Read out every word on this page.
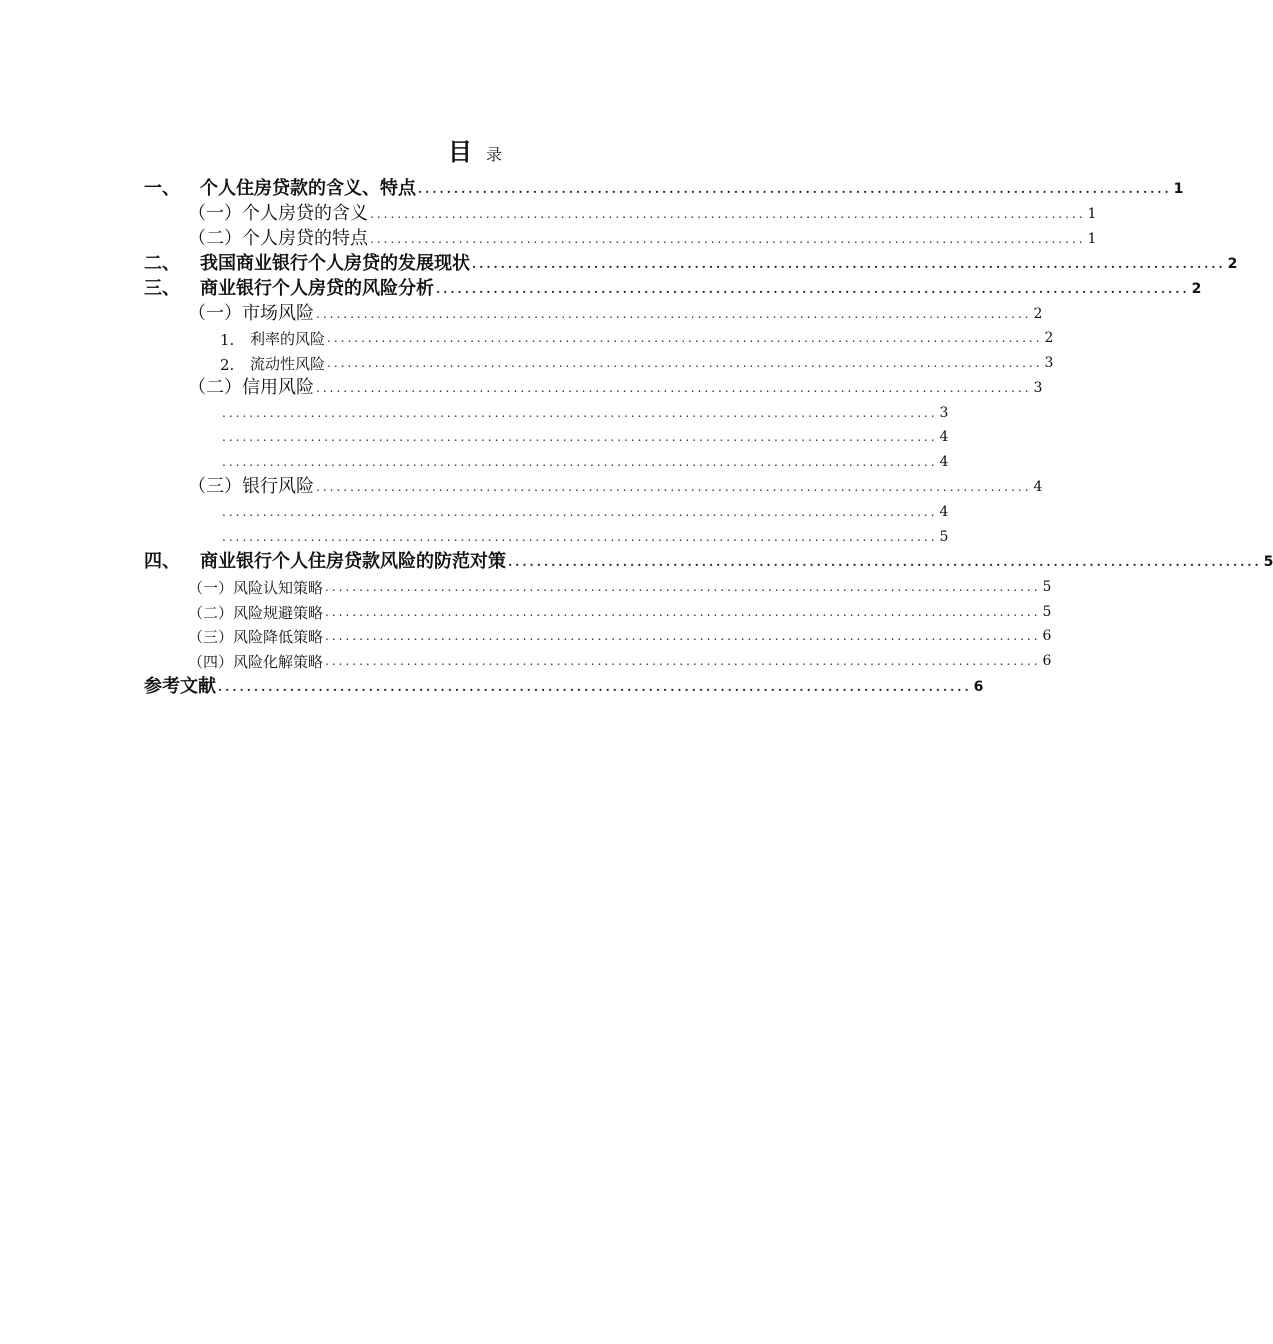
目录
一、	个人住房贷款的含义、特点 ......................................................................................................... 1
（一）个人房贷的含义 ......................................................................................................... 1
（二）个人房贷的特点 ......................................................................................................... 1
二、	我国商业银行个人房贷的发展现状 ......................................................................................................... 2
三、	商业银行个人房贷的风险分析 ......................................................................................................... 2
（一）市场风险 ......................................................................................................... 2
1.	利率的风险 ......................................................................................................... 2
2.	流动性风险 ......................................................................................................... 3
（二）信用风险 ......................................................................................................... 3
......................................................................................................... 3
......................................................................................................... 4
......................................................................................................... 4
（三）银行风险 ......................................................................................................... 4
......................................................................................................... 4
......................................................................................................... 5
四、	商业银行个人住房贷款风险的防范对策 ......................................................................................................... 5
（一）风险认知策略 ......................................................................................................... 5
（二）风险规避策略 ......................................................................................................... 5
（三）风险降低策略 ......................................................................................................... 6
（四）风险化解策略 ......................................................................................................... 6
参考文献 ......................................................................................................... 6
